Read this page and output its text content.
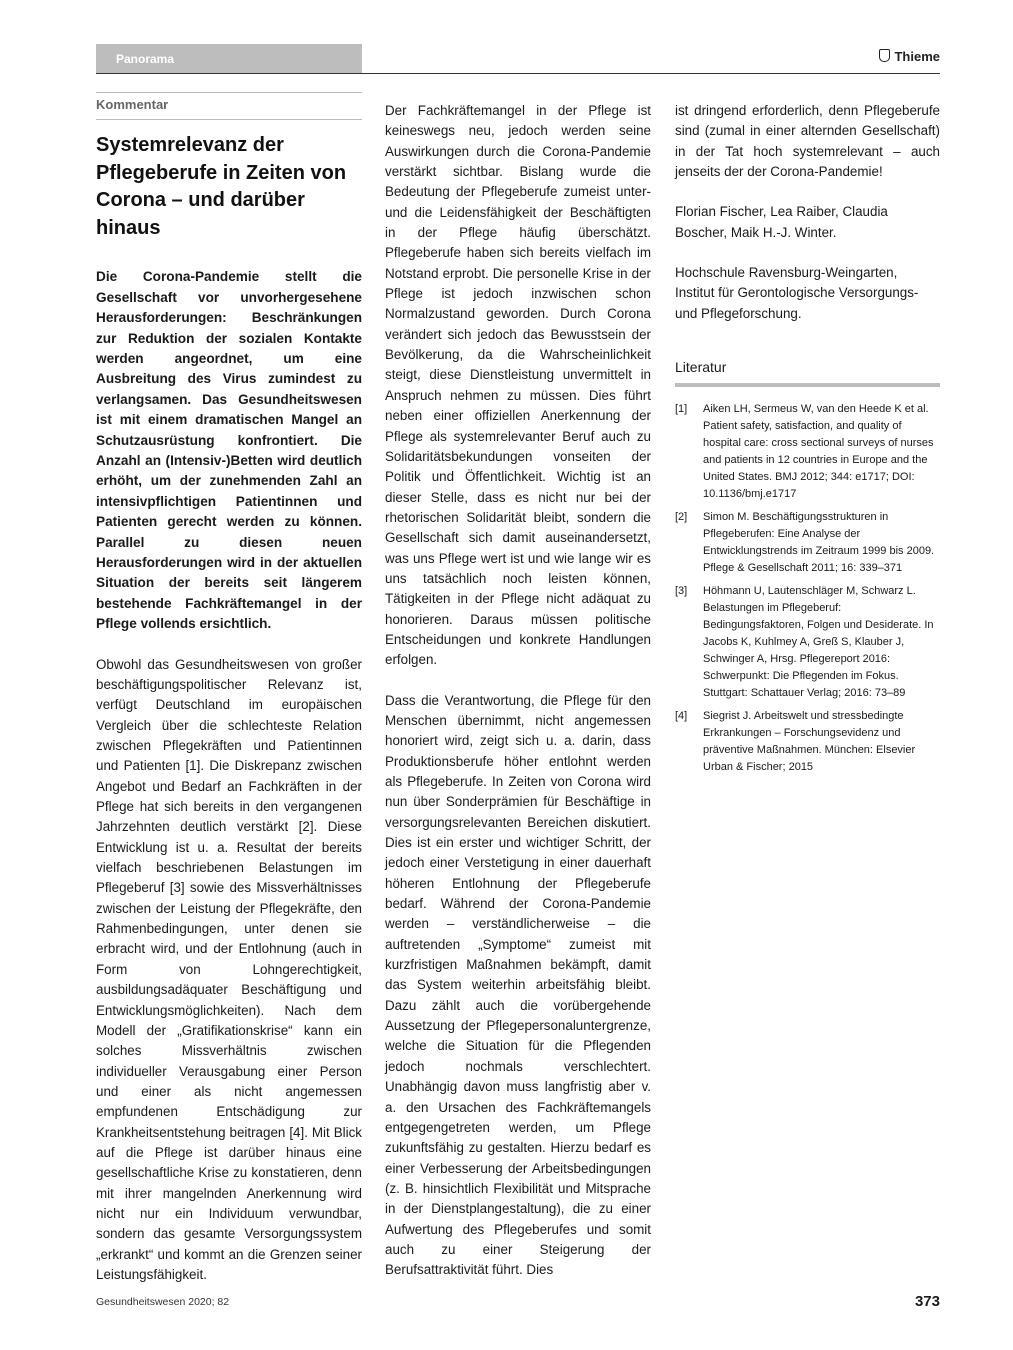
Panorama	Thieme
Kommentar
Systemrelevanz der Pflegeberufe in Zeiten von Corona – und darüber hinaus

Die Corona-Pandemie stellt die Gesellschaft vor unvorhergesehene Herausforderungen: Beschränkungen zur Reduktion der sozialen Kontakte werden angeordnet, um eine Ausbreitung des Virus zumindest zu verlangsamen. Das Gesundheitswesen ist mit einem dramatischen Mangel an Schutzausrüstung konfrontiert. Die Anzahl an (Intensiv-)Betten wird deutlich erhöht, um der zunehmenden Zahl an intensivpflichtigen Patientinnen und Patienten gerecht werden zu können. Parallel zu diesen neuen Herausforderungen wird in der aktuellen Situation der bereits seit längerem bestehende Fachkräftemangel in der Pflege vollends ersichtlich.

Obwohl das Gesundheitswesen von großer beschäftigungspolitischer Relevanz ist, verfügt Deutschland im europäischen Vergleich über die schlechteste Relation zwischen Pflegekräften und Patientinnen und Patienten [1]. Die Diskrepanz zwischen Angebot und Bedarf an Fachkräften in der Pflege hat sich bereits in den vergangenen Jahrzehnten deutlich verstärkt [2]. Diese Entwicklung ist u. a. Resultat der bereits vielfach beschriebenen Belastungen im Pflegeberuf [3] sowie des Missverhältnisses zwischen der Leistung der Pflegekräfte, den Rahmenbedingungen, unter denen sie erbracht wird, und der Entlohnung (auch in Form von Lohngerechtigkeit, ausbildungsadäquater Beschäftigung und Entwicklungsmöglichkeiten). Nach dem Modell der „Gratifikationskrise“ kann ein solches Missverhältnis zwischen individueller Verausgabung einer Person und einer als nicht angemessen empfundenen Entschädigung zur Krankheitsentstehung beitragen [4]. Mit Blick auf die Pflege ist darüber hinaus eine gesellschaftliche Krise zu konstatieren, denn mit ihrer mangelnden Anerkennung wird nicht nur ein Individuum verwundbar, sondern das gesamte Versorgungssystem „erkrankt“ und kommt an die Grenzen seiner Leistungsfähigkeit.

Der Fachkräftemangel in der Pflege ist keineswegs neu, jedoch werden seine Auswirkungen durch die Corona-Pandemie verstärkt sichtbar. Bislang wurde die Bedeutung der Pflegeberufe zumeist unter- und die Leidensfähigkeit der Beschäftigten in der Pflege häufig überschätzt. Pflegeberufe haben sich bereits vielfach im Notstand erprobt. Die personelle Krise in der Pflege ist jedoch inzwischen schon Normalzustand geworden. Durch Corona verändert sich jedoch das Bewusstsein der Bevölkerung, da die Wahrscheinlichkeit steigt, diese Dienstleistung unvermittelt in Anspruch nehmen zu müssen. Dies führt neben einer offiziellen Anerkennung der Pflege als systemrelevanter Beruf auch zu Solidaritätsbekundungen vonseiten der Politik und Öffentlichkeit. Wichtig ist an dieser Stelle, dass es nicht nur bei der rhetorischen Solidarität bleibt, sondern die Gesellschaft sich damit auseinandersetzt, was uns Pflege wert ist und wie lange wir es uns tatsächlich noch leisten können, Tätigkeiten in der Pflege nicht adäquat zu honorieren. Daraus müssen politische Entscheidungen und konkrete Handlungen erfolgen.

Dass die Verantwortung, die Pflege für den Menschen übernimmt, nicht angemessen honoriert wird, zeigt sich u. a. darin, dass Produktionsberufe höher entlohnt werden als Pflegeberufe. In Zeiten von Corona wird nun über Sonderprämien für Beschäftige in versorgungsrelevanten Bereichen diskutiert. Dies ist ein erster und wichtiger Schritt, der jedoch einer Verstetigung in einer dauerhaft höheren Entlohnung der Pflegeberufe bedarf. Während der Corona-Pandemie werden – verständlicherweise – die auftretenden „Symptome“ zumeist mit kurzfristigen Maßnahmen bekämpft, damit das System weiterhin arbeitsfähig bleibt. Dazu zählt auch die vorübergehende Aussetzung der Pflegepersonaluntergrenze, welche die Situation für die Pflegenden jedoch nochmals verschlechtert. Unabhängig davon muss langfristig aber v. a. den Ursachen des Fachkräftemangels entgegengetreten werden, um Pflege zukunftsfähig zu gestalten. Hierzu bedarf es einer Verbesserung der Arbeitsbedingungen (z. B. hinsichtlich Flexibilität und Mitsprache in der Dienstplangestaltung), die zu einer Aufwertung des Pflegeberufes und somit auch zu einer Steigerung der Berufsattraktivität führt. Dies

ist dringend erforderlich, denn Pflegeberufe sind (zumal in einer alternden Gesellschaft) in der Tat hoch systemrelevant – auch jenseits der der Corona-Pandemie!

Florian Fischer, Lea Raiber, Claudia Boscher, Maik H.-J. Winter.

Hochschule Ravensburg-Weingarten, Institut für Gerontologische Versorgungs- und Pflegeforschung.

Literatur
[1]	Aiken LH, Sermeus W, van den Heede K et al. Patient safety, satisfaction, and quality of hospital care: cross sectional surveys of nurses and patients in 12 countries in Europe and the United States. BMJ 2012; 344: e1717; DOI: 10.1136/bmj.e1717
[2]	Simon M. Beschäftigungsstrukturen in Pflegeberufen: Eine Analyse der Entwicklungstrends im Zeitraum 1999 bis 2009. Pflege & Gesellschaft 2011; 16: 339–371
[3]	Höhmann U, Lautenschläger M, Schwarz L. Belastungen im Pflegeberuf: Bedingungsfaktoren, Folgen und Desiderate. In Jacobs K, Kuhlmey A, Greß S, Klauber J, Schwinger A, Hrsg. Pflegereport 2016: Schwerpunkt: Die Pflegenden im Fokus. Stuttgart: Schattauer Verlag; 2016: 73–89
[4]	Siegrist J. Arbeitswelt und stressbedingte Erkrankungen – Forschungsevidenz und präventive Maßnahmen. München: Elsevier Urban & Fischer; 2015
Gesundheitswesen 2020; 82	373
